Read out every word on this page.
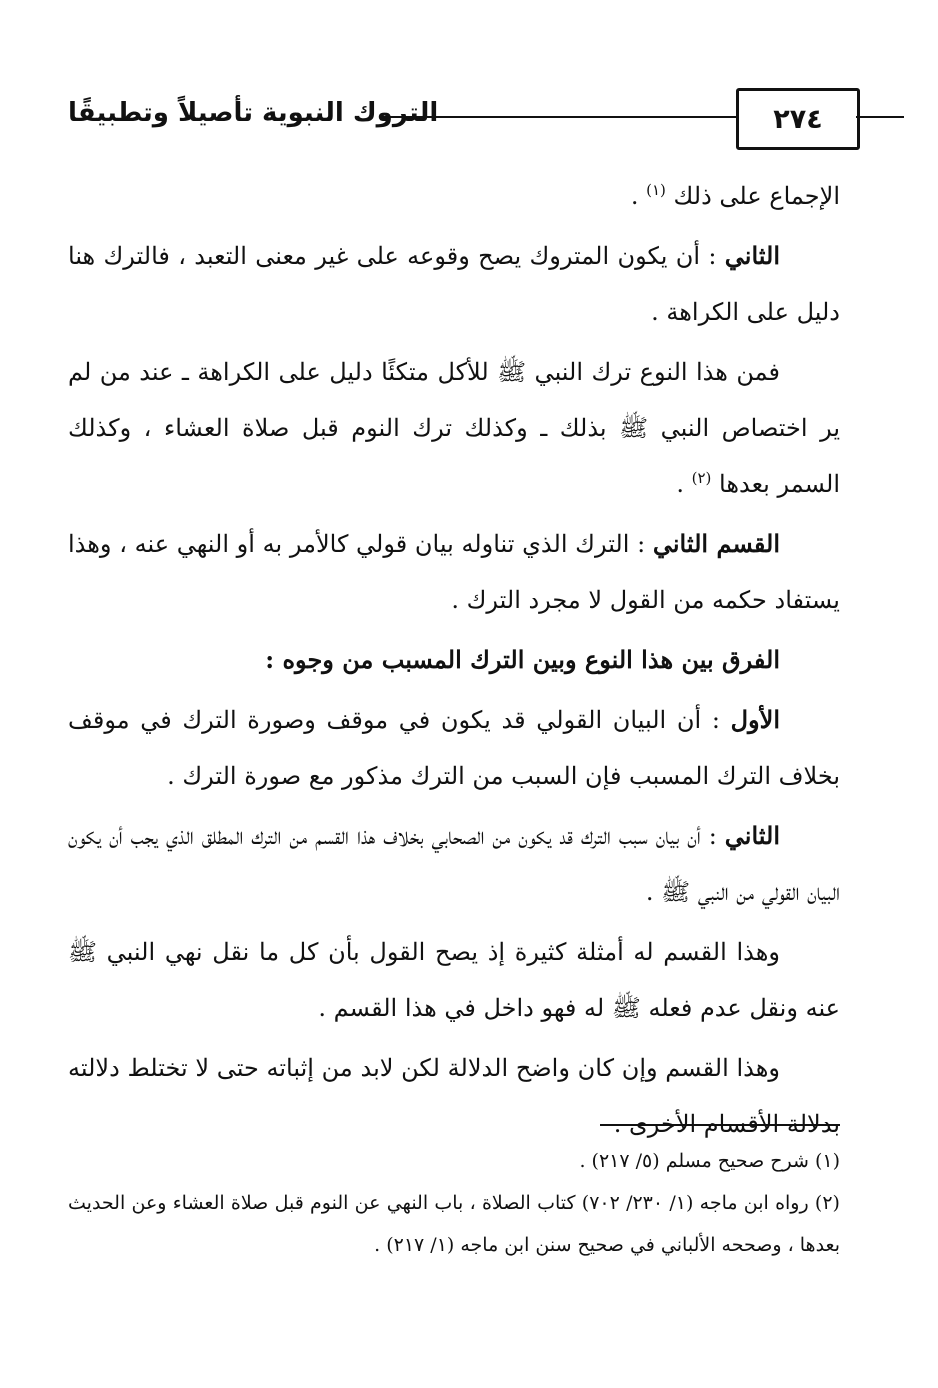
التروك النبوية تأصيلاً وتطبيقًا	٢٧٤

الإجماع على ذلك $^{(١)}$ .

الثاني : أن يكون المتروك يصح وقوعه على غير معنى التعبد ، فالترك هنا دليل على الكراهة .

فمن هذا النوع ترك النبي ﷺ للأكل متكئًا دليل على الكراهة ـ عند من لم ير اختصاص النبي ﷺ بذلك ـ وكذلك ترك النوم قبل صلاة العشاء ، وكذلك السمر بعدها $^{(٢)}$ .

القسم الثاني : الترك الذي تناوله بيان قولي كالأمر به أو النهي عنه ، وهذا يستفاد حكمه من القول لا مجرد الترك .

الفرق بين هذا النوع وبين الترك المسبب من وجوه :

الأول : أن البيان القولي قد يكون في موقف وصورة الترك في موقف بخلاف الترك المسبب فإن السبب من الترك مذكور مع صورة الترك .

الثاني : أن بيان سبب الترك قد يكون من الصحابي بخلاف هذا القسم من الترك المطلق الذي يجب أن يكون البيان القولي من النبي ﷺ .

وهذا القسم له أمثلة كثيرة إذ يصح القول بأن كل ما نقل نهي النبي ﷺ عنه ونقل عدم فعله ﷺ له فهو داخل في هذا القسم .

وهذا القسم وإن كان واضح الدلالة لكن لابد من إثباته حتى لا تختلط دلالته بدلالة الأقسام الأخرى .

(١) شرح صحيح مسلم (٥/ ٢١٧) .

(٢) رواه ابن ماجه (١/ ٢٣٠/ ٧٠٢) كتاب الصلاة ، باب النهي عن النوم قبل صلاة العشاء وعن الحديث بعدها ، وصححه الألباني في صحيح سنن ابن ماجه (١/ ٢١٧) .
